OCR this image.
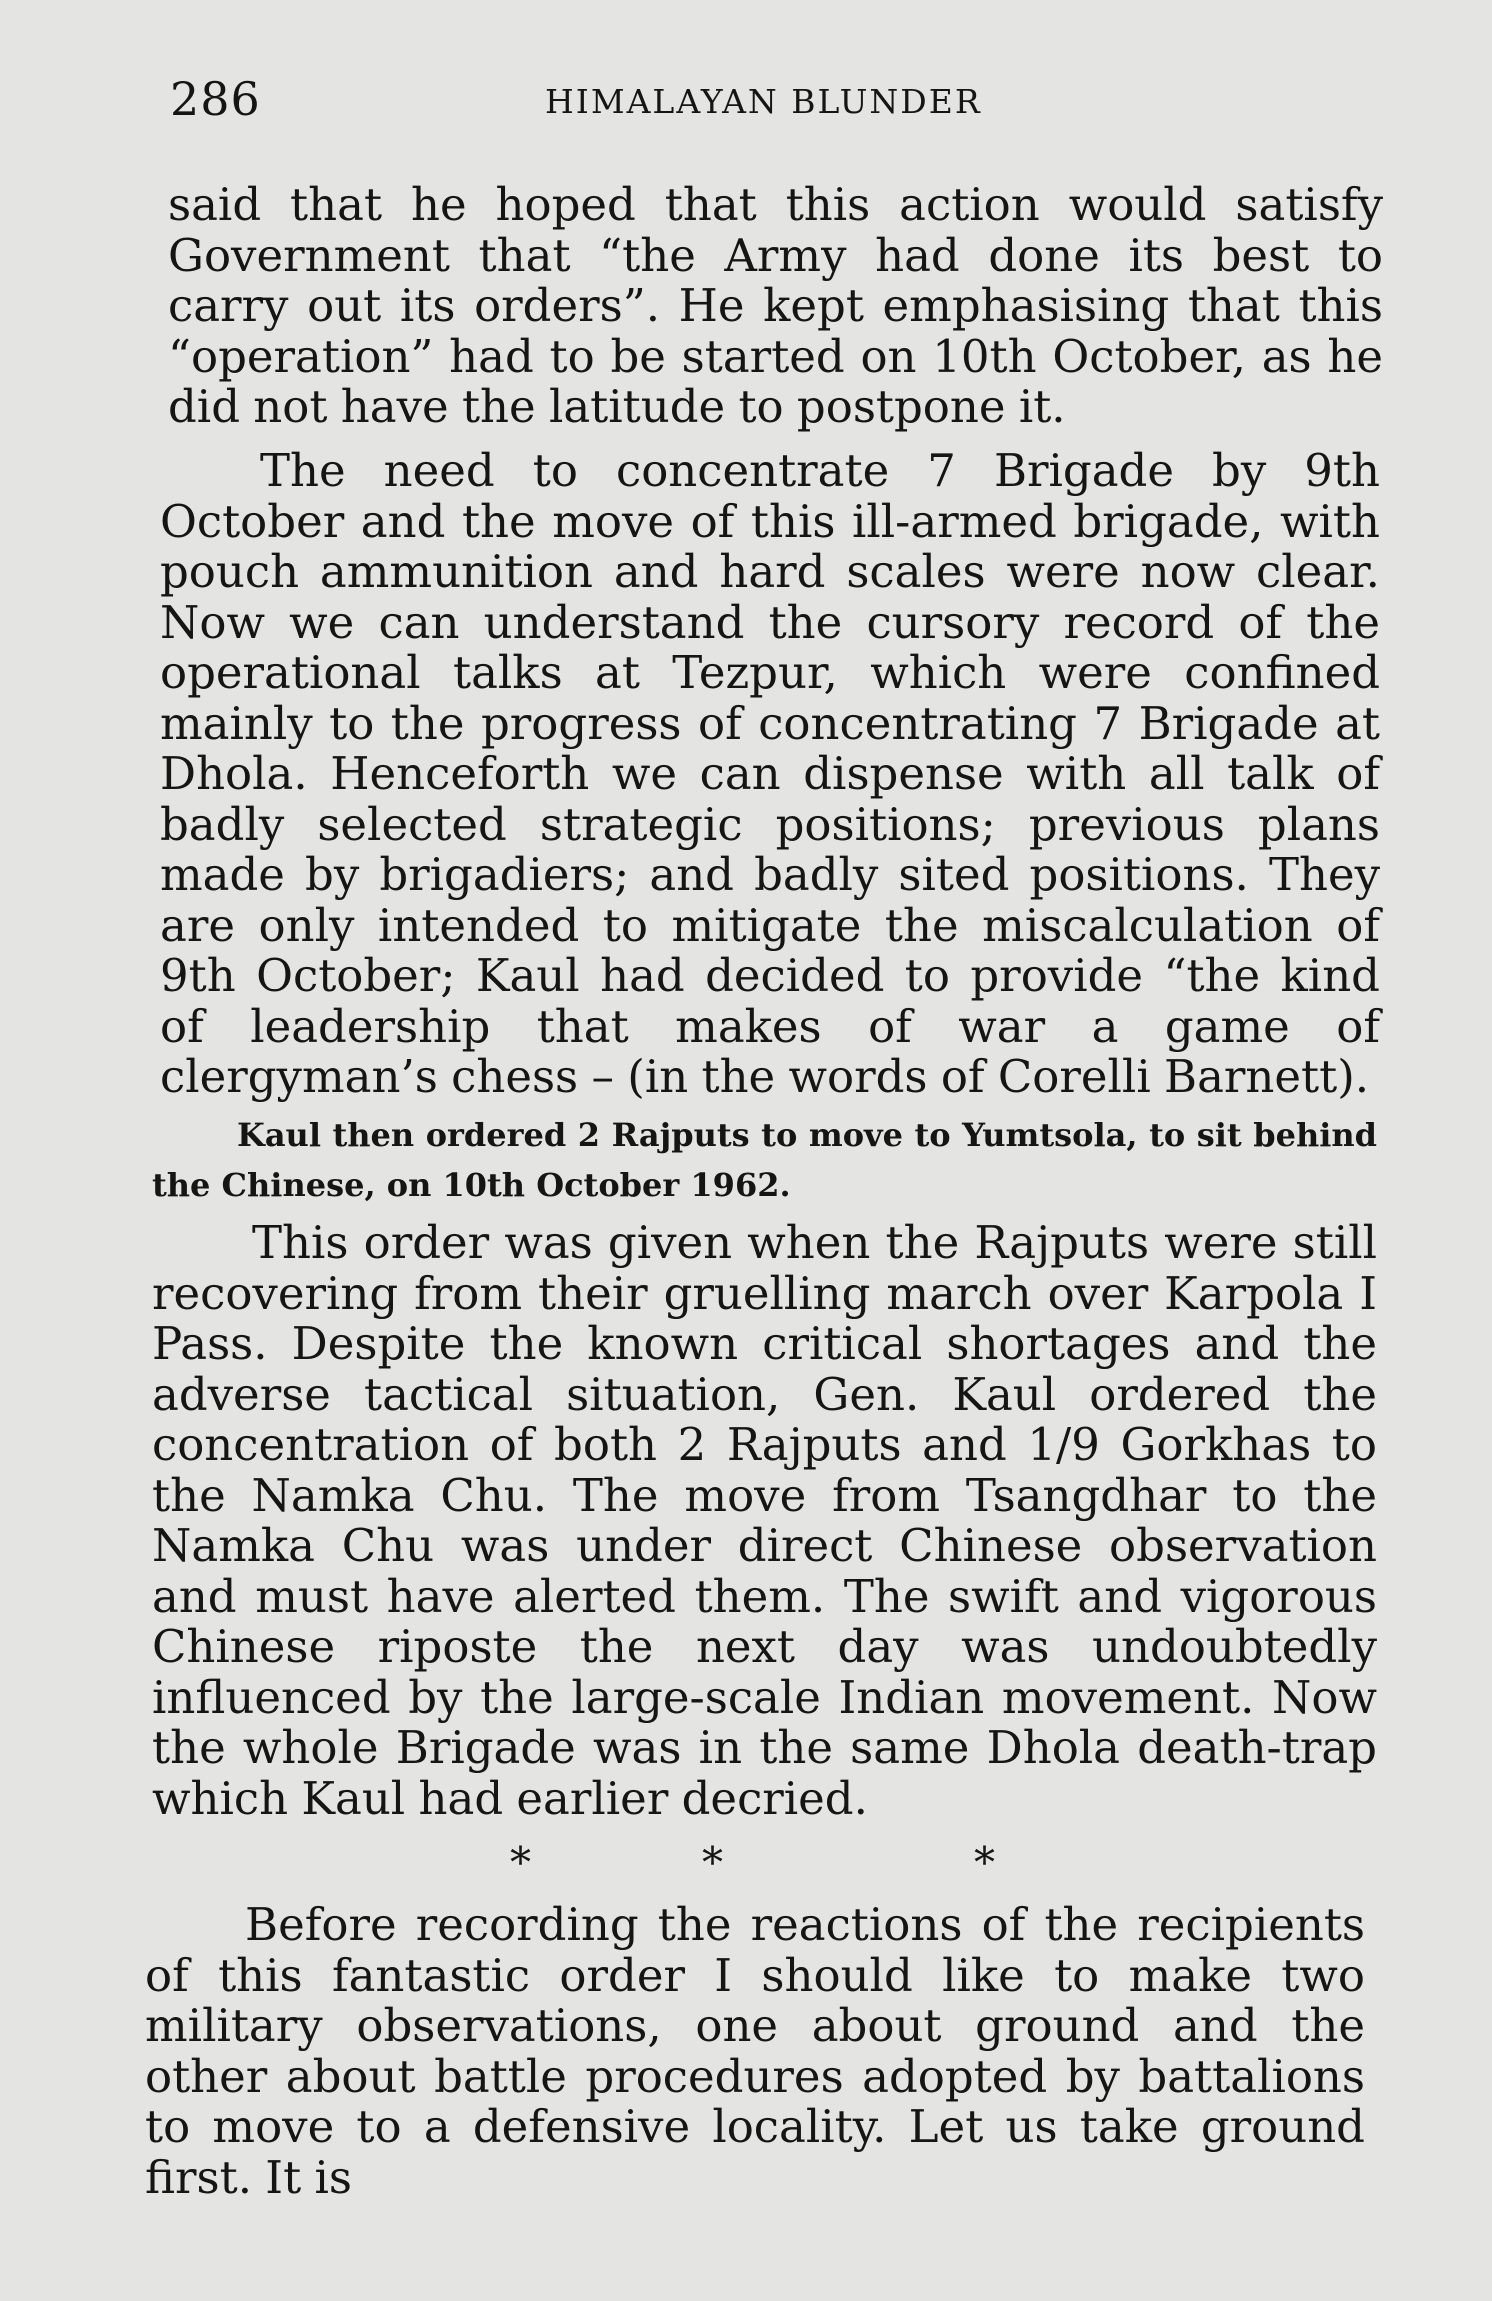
286	HIMALAYAN BLUNDER

said that he hoped that this action would satisfy Government that “the Army had done its best to carry out its orders”. He kept emphasising that this “operation” had to be started on 10th October, as he did not have the latitude to postpone it.

The need to concentrate 7 Brigade by 9th October and the move of this ill-armed brigade, with pouch ammunition and hard scales were now clear. Now we can understand the cursory record of the operational talks at Tezpur, which were confined mainly to the progress of concentrating 7 Brigade at Dhola. Henceforth we can dispense with all talk of badly selected strategic positions; previous plans made by brigadiers; and badly sited positions. They are only intended to mitigate the miscalculation of 9th October; Kaul had decided to provide “the kind of leadership that makes of war a game of clergyman’s chess – (in the words of Corelli Barnett).

Kaul then ordered 2 Rajputs to move to Yumtsola, to sit behind the Chinese, on 10th October 1962.

This order was given when the Rajputs were still recovering from their gruelling march over Karpola I Pass. Despite the known critical shortages and the adverse tactical situation, Gen. Kaul ordered the concentration of both 2 Rajputs and 1/9 Gorkhas to the Namka Chu. The move from Tsangdhar to the Namka Chu was under direct Chinese observation and must have alerted them. The swift and vigorous Chinese riposte the next day was undoubtedly influenced by the large-scale Indian movement. Now the whole Brigade was in the same Dhola death-trap which Kaul had earlier decried.

*	*	*

Before recording the reactions of the recipients of this fantastic order I should like to make two military observations, one about ground and the other about battle procedures adopted by battalions to move to a defensive locality. Let us take ground first. It is
